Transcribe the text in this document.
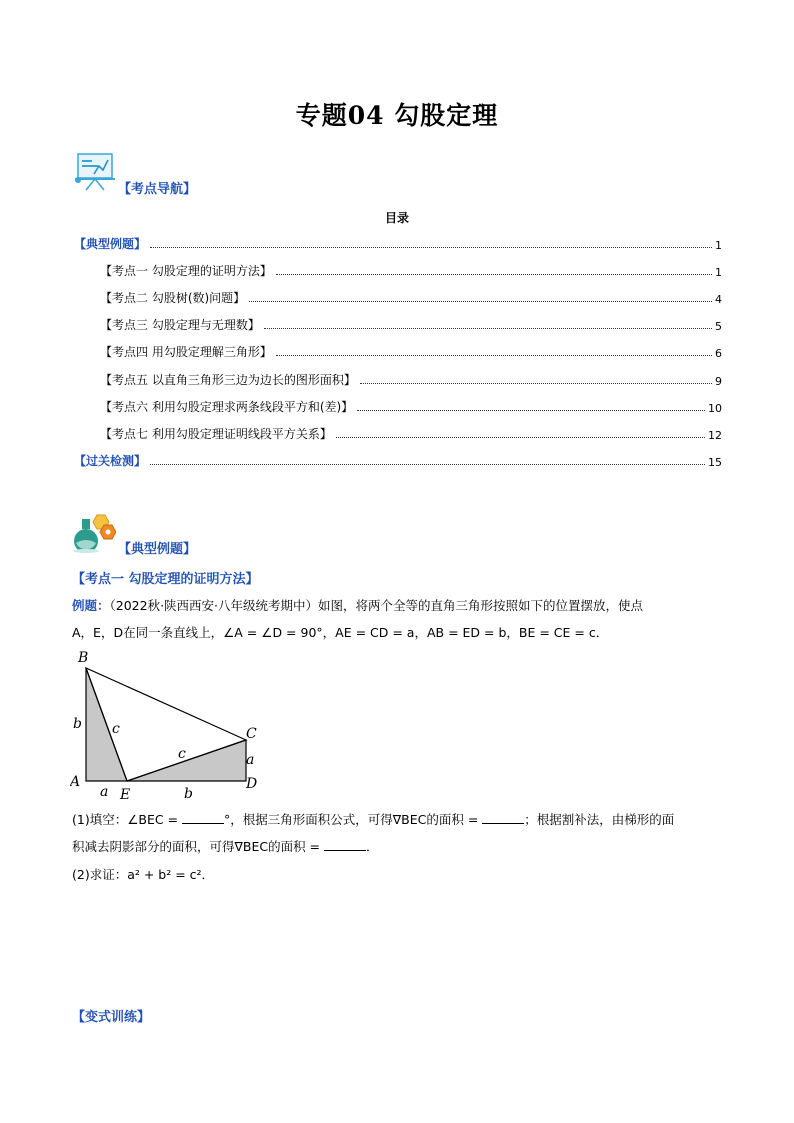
专题04 勾股定理
【考点导航】
目录
【典型例题】	1
【考点一 勾股定理的证明方法】	1
【考点二 勾股树(数)问题】	4
【考点三 勾股定理与无理数】	5
【考点四 用勾股定理解三角形】	6
【考点五 以直角三角形三边为边长的图形面积】	9
【考点六 利用勾股定理求两条线段平方和(差)】	10
【考点七 利用勾股定理证明线段平方关系】	12
【过关检测】	15
【典型例题】
【考点一 勾股定理的证明方法】
例题：（2022秋·陕西西安·八年级统考期中）如图，将两个全等的直角三角形按照如下的位置摆放，使点
A，E，D在同一条直线上，∠A = ∠D = 90°，AE = CD = a，AB = ED = b，BE = CE = c．
B
A
E
D
C
b c
c	a
a	b
(1)填空：∠BEC =	°，根据三角形面积公式，可得∇BEC的面积 =	；根据割补法，由梯形的面
积减去阴影部分的面积，可得∇BEC的面积 =	．
(2)求证：a² + b² = c²．
【变式训练】
